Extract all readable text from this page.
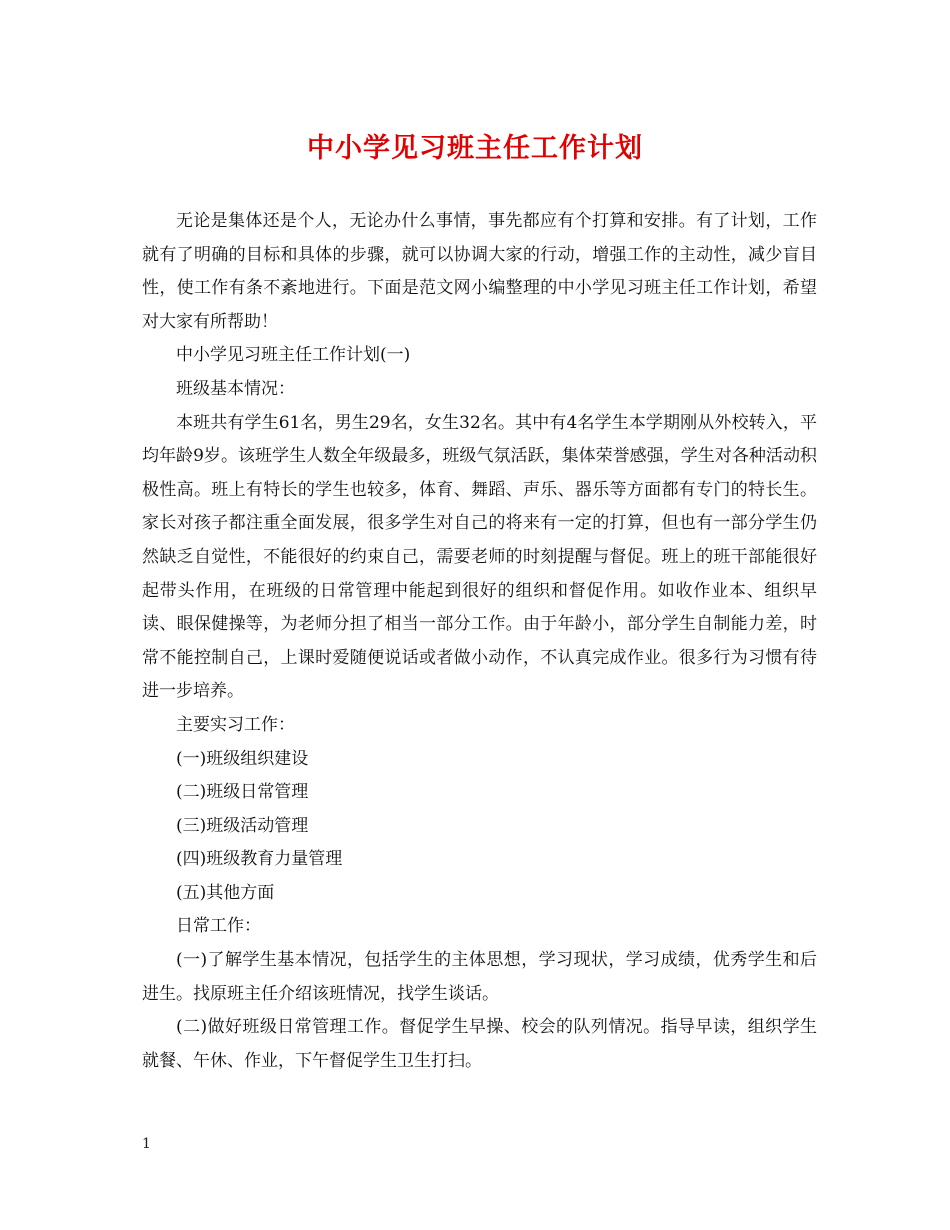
中小学见习班主任工作计划

无论是集体还是个人，无论办什么事情，事先都应有个打算和安排。有了计划，工作就有了明确的目标和具体的步骤，就可以协调大家的行动，增强工作的主动性，减少盲目性，使工作有条不紊地进行。下面是范文网小编整理的中小学见习班主任工作计划，希望对大家有所帮助！

中小学见习班主任工作计划(一)

班级基本情况：

本班共有学生61名，男生29名，女生32名。其中有4名学生本学期刚从外校转入，平均年龄9岁。该班学生人数全年级最多，班级气氛活跃，集体荣誉感强，学生对各种活动积极性高。班上有特长的学生也较多，体育、舞蹈、声乐、器乐等方面都有专门的特长生。家长对孩子都注重全面发展，很多学生对自己的将来有一定的打算，但也有一部分学生仍然缺乏自觉性，不能很好的约束自己，需要老师的时刻提醒与督促。班上的班干部能很好起带头作用，在班级的日常管理中能起到很好的组织和督促作用。如收作业本、组织早读、眼保健操等，为老师分担了相当一部分工作。由于年龄小，部分学生自制能力差，时常不能控制自己，上课时爱随便说话或者做小动作，不认真完成作业。很多行为习惯有待进一步培养。

主要实习工作：

(一)班级组织建设

(二)班级日常管理

(三)班级活动管理

(四)班级教育力量管理

(五)其他方面

日常工作：

(一)了解学生基本情况，包括学生的主体思想，学习现状，学习成绩，优秀学生和后进生。找原班主任介绍该班情况，找学生谈话。

(二)做好班级日常管理工作。督促学生早操、校会的队列情况。指导早读，组织学生就餐、午休、作业，下午督促学生卫生打扫。

1
